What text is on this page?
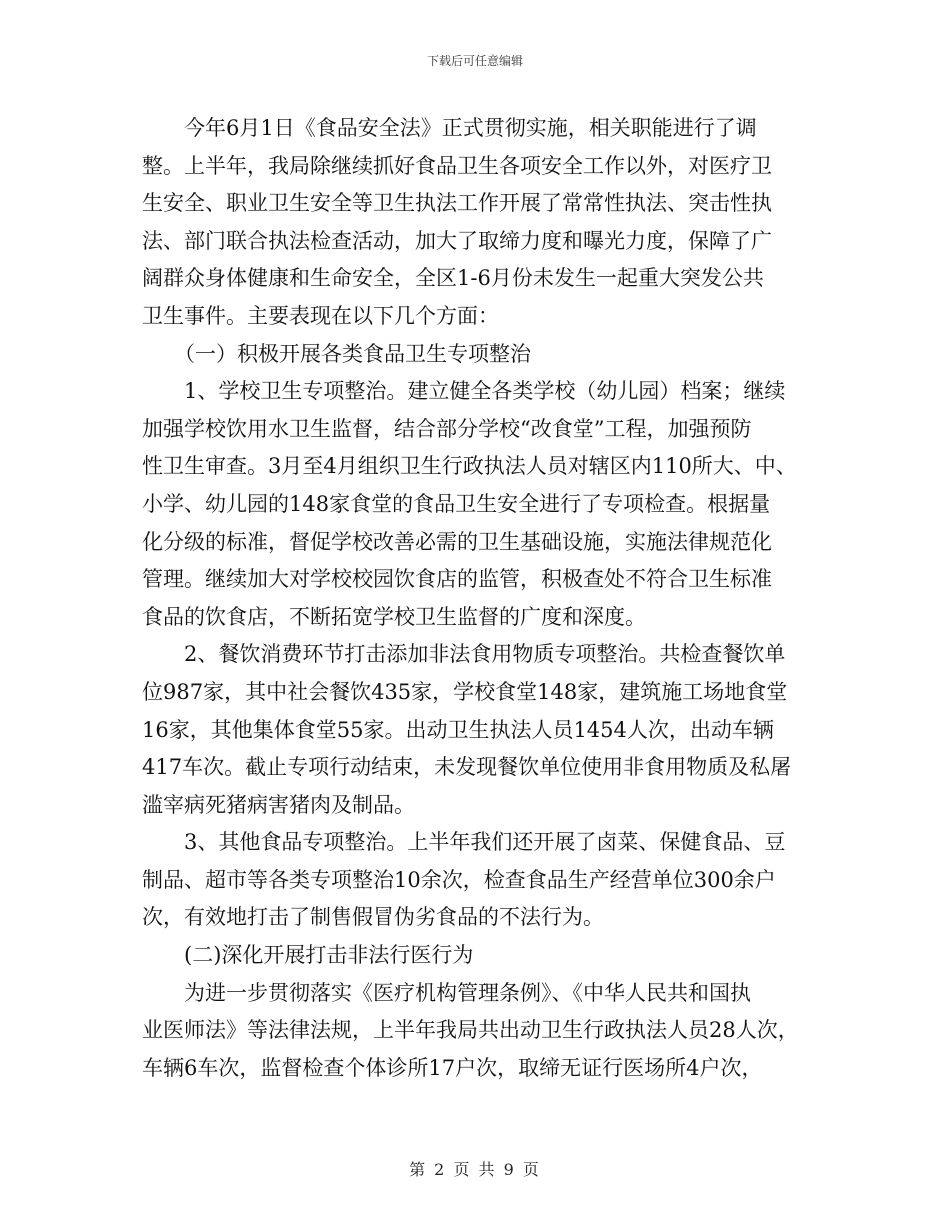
下载后可任意编辑
今年6月1日《食品安全法》正式贯彻实施，相关职能进行了调
整。上半年，我局除继续抓好食品卫生各项安全工作以外，对医疗卫
生安全、职业卫生安全等卫生执法工作开展了常常性执法、突击性执
法、部门联合执法检查活动，加大了取缔力度和曝光力度，保障了广
阔群众身体健康和生命安全，全区1-6月份未发生一起重大突发公共
卫生事件。主要表现在以下几个方面：
（一）积极开展各类食品卫生专项整治
1、学校卫生专项整治。建立健全各类学校（幼儿园）档案；继续
加强学校饮用水卫生监督，结合部分学校“改食堂”工程，加强预防
性卫生审查。3月至4月组织卫生行政执法人员对辖区内110所大、中、
小学、幼儿园的148家食堂的食品卫生安全进行了专项检查。根据量
化分级的标准，督促学校改善必需的卫生基础设施，实施法律规范化
管理。继续加大对学校校园饮食店的监管，积极查处不符合卫生标准
食品的饮食店，不断拓宽学校卫生监督的广度和深度。
2、餐饮消费环节打击添加非法食用物质专项整治。共检查餐饮单
位987家，其中社会餐饮435家，学校食堂148家，建筑施工场地食堂
16家，其他集体食堂55家。出动卫生执法人员1454人次，出动车辆
417车次。截止专项行动结束，未发现餐饮单位使用非食用物质及私屠
滥宰病死猪病害猪肉及制品。
3、其他食品专项整治。上半年我们还开展了卤菜、保健食品、豆
制品、超市等各类专项整治10余次，检查食品生产经营单位300余户
次，有效地打击了制售假冒伪劣食品的不法行为。
(二)深化开展打击非法行医行为
为进一步贯彻落实《医疗机构管理条例》、《中华人民共和国执
业医师法》等法律法规，上半年我局共出动卫生行政执法人员28人次，
车辆6车次，监督检查个体诊所17户次，取缔无证行医场所4户次，
第 2 页 共 9 页
